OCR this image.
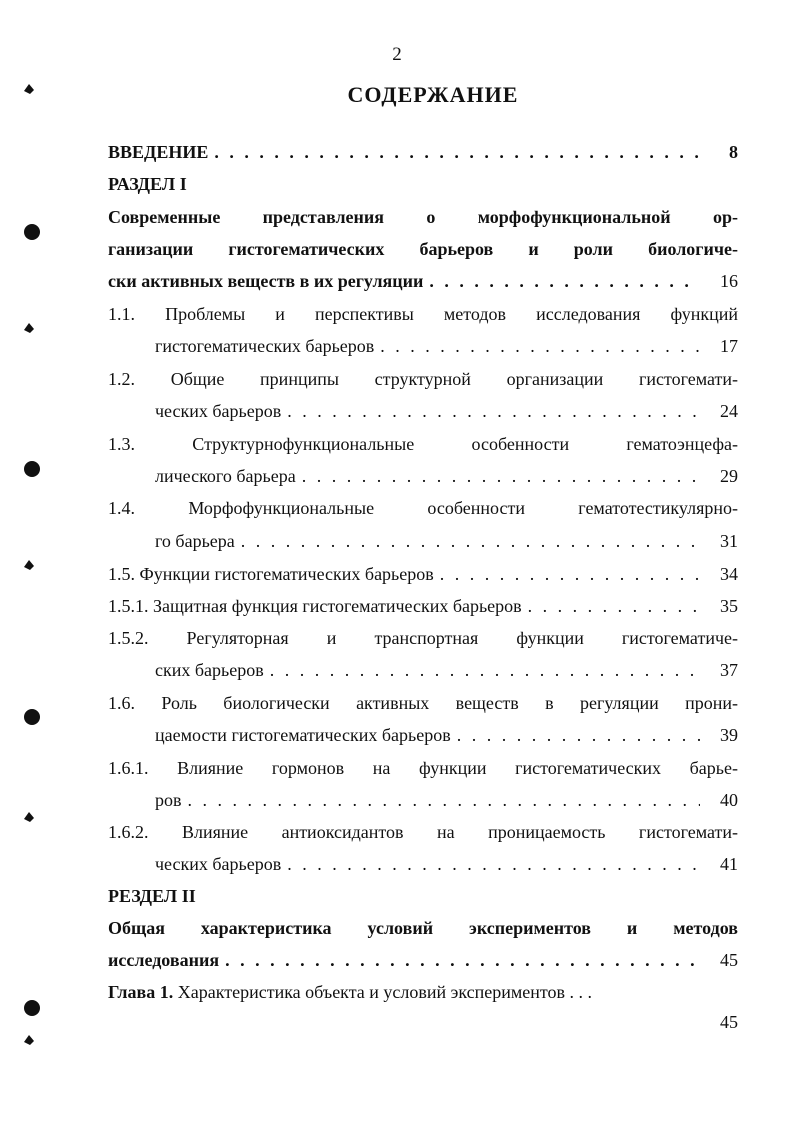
2
СОДЕРЖАНИЕ
ВВЕДЕНИЕ . . .	8
РАЗДЕЛ I
Современные представления о морфофункциональной ор-
ганизации гистогематических барьеров и роли биологиче-
ски активных веществ в их регуляции . . .	16
1.1. Проблемы и перспективы методов исследования функций
гистогематических барьеров . . .	17
1.2. Общие принципы структурной организации гистогемати-
ческих барьеров . . .	24
1.3. Структурнофункциональные особенности гематоэнцефа-
лического барьера . . .	29
1.4. Морфофункциональные особенности гематотестикулярно-
го барьера . . .	31
1.5. Функции гистогематических барьеров . . .	34
1.5.1. Защитная функция гистогематических барьеров . . .	35
1.5.2. Регуляторная и транспортная функции гистогематиче-
ских барьеров . . .	37
1.6. Роль биологически активных веществ в регуляции прони-
цаемости гистогематических барьеров . . .	39
1.6.1. Влияние гормонов на функции гистогематических барье-
ров . . .	40
1.6.2. Влияние антиоксидантов на проницаемость гистогемати-
ческих барьеров . . .	41
РЕЗДЕЛ II
Общая характеристика условий экспериментов и методов
исследования . . .	45
Глава 1. Характеристика объекта и условий экспериментов . . .
45
